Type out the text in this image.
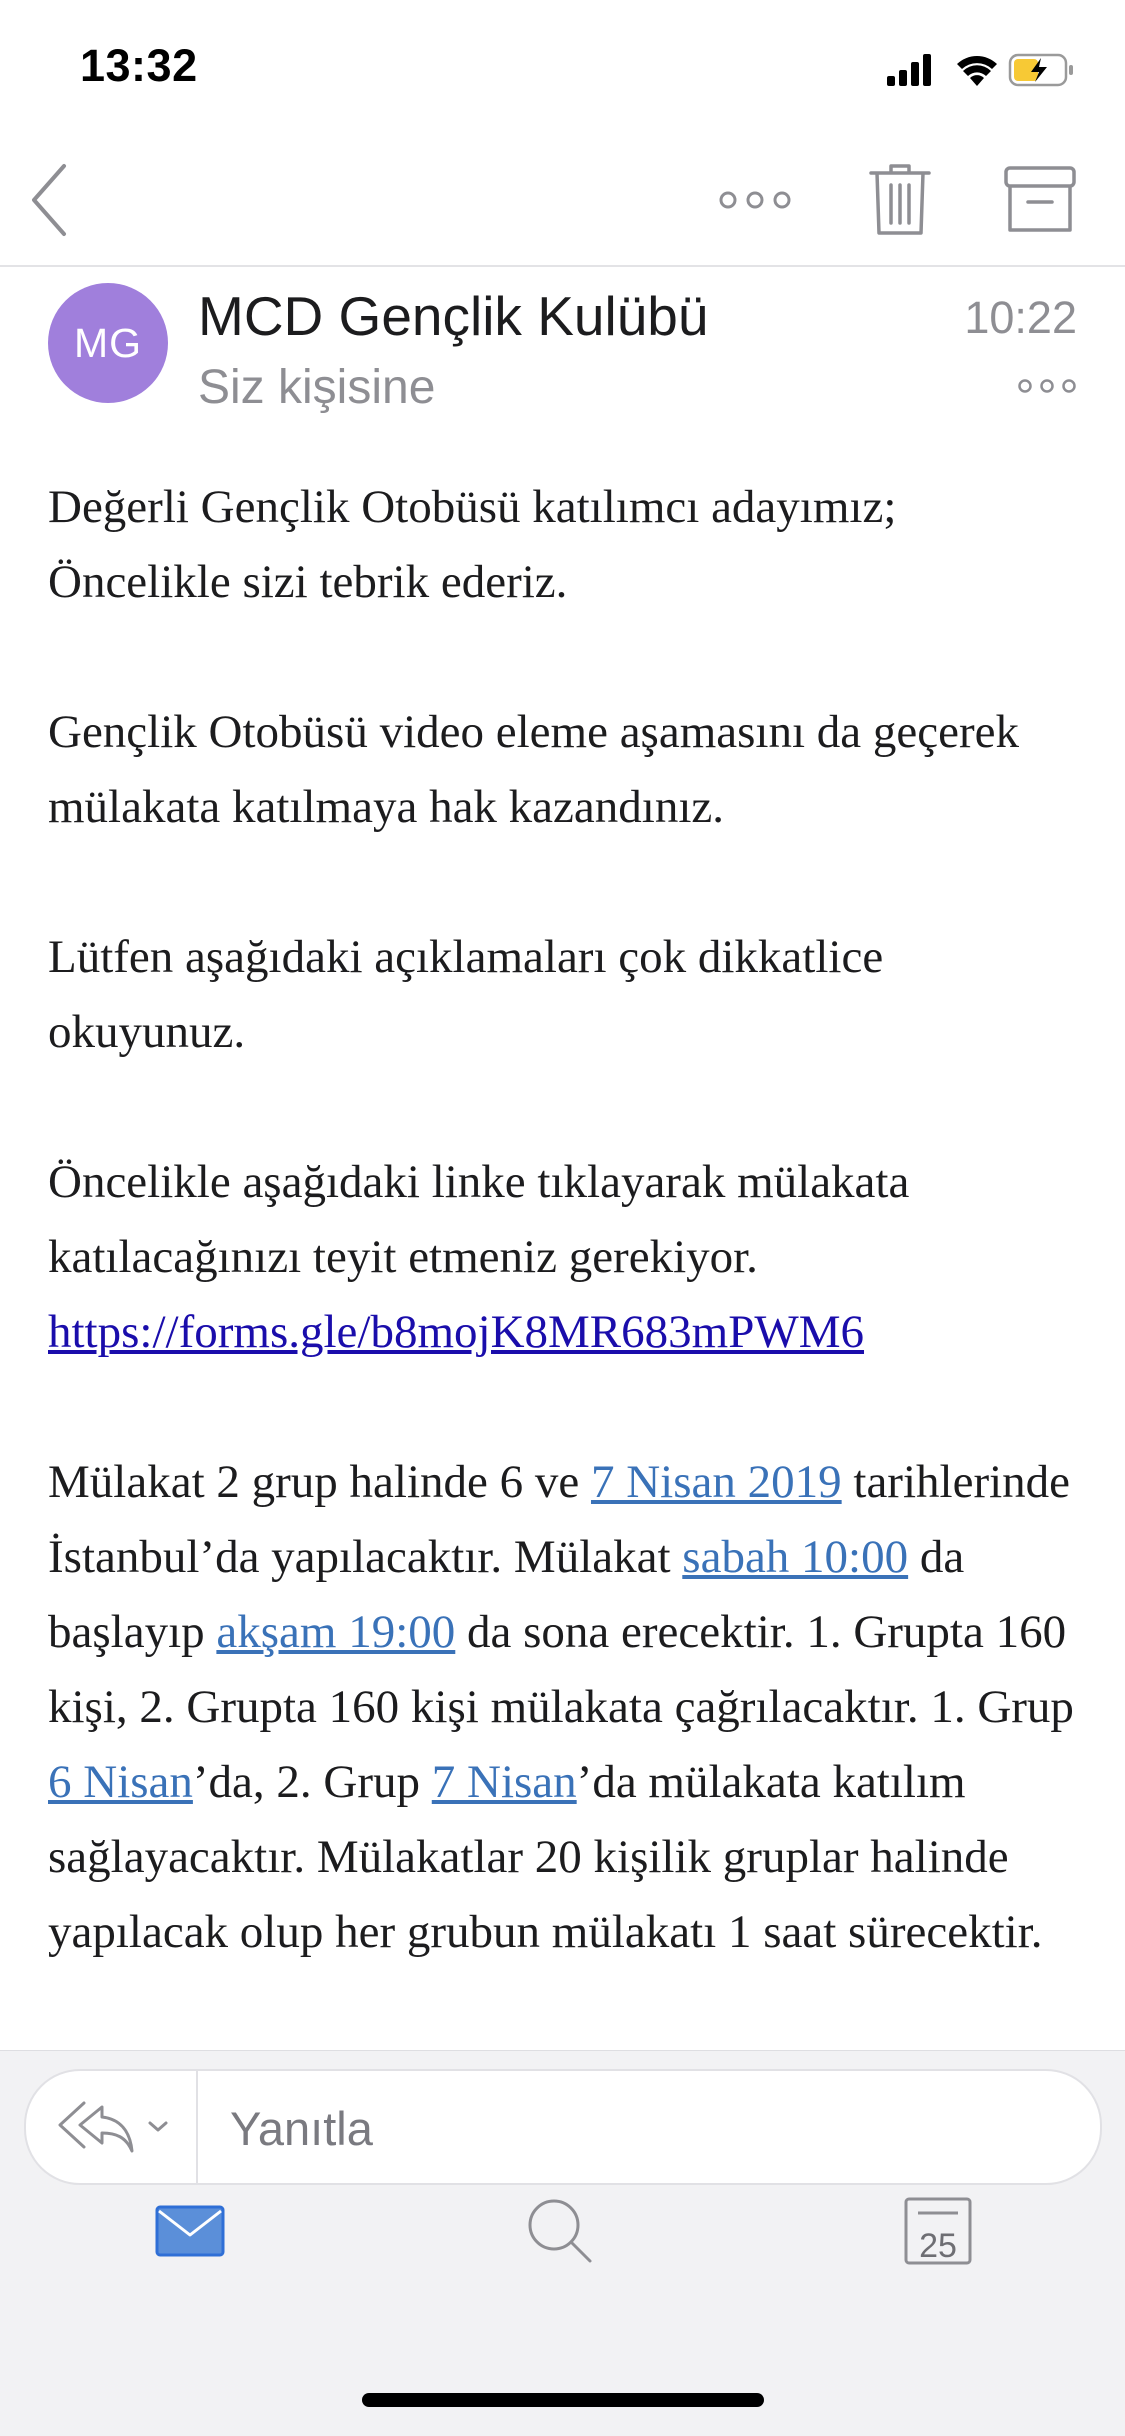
13:32
MG	MCD Gençlik Kulübü
Siz kişisine
10:22

Değerli Gençlik Otobüsü katılımcı adayımız;
Öncelikle sizi tebrik ederiz.

Gençlik Otobüsü video eleme aşamasını da geçerek mülakata katılmaya hak kazandınız.

Lütfen aşağıdaki açıklamaları çok dikkatlice okuyunuz.

Öncelikle aşağıdaki linke tıklayarak mülakata katılacağınızı teyit etmeniz gerekiyor.
https://forms.gle/b8mojK8MR683mPWM6

Mülakat 2 grup halinde 6 ve 7 Nisan 2019 tarihlerinde İstanbul’da yapılacaktır. Mülakat sabah 10:00 da başlayıp akşam 19:00 da sona erecektir. 1. Grupta 160 kişi, 2. Grupta 160 kişi mülakata çağrılacaktır. 1. Grup 6 Nisan’da, 2. Grup 7 Nisan’da mülakata katılım sağlayacaktır. Mülakatlar 20 kişilik gruplar halinde yapılacak olup her grubun mülakatı 1 saat sürecektir.

Yanıtla
25
